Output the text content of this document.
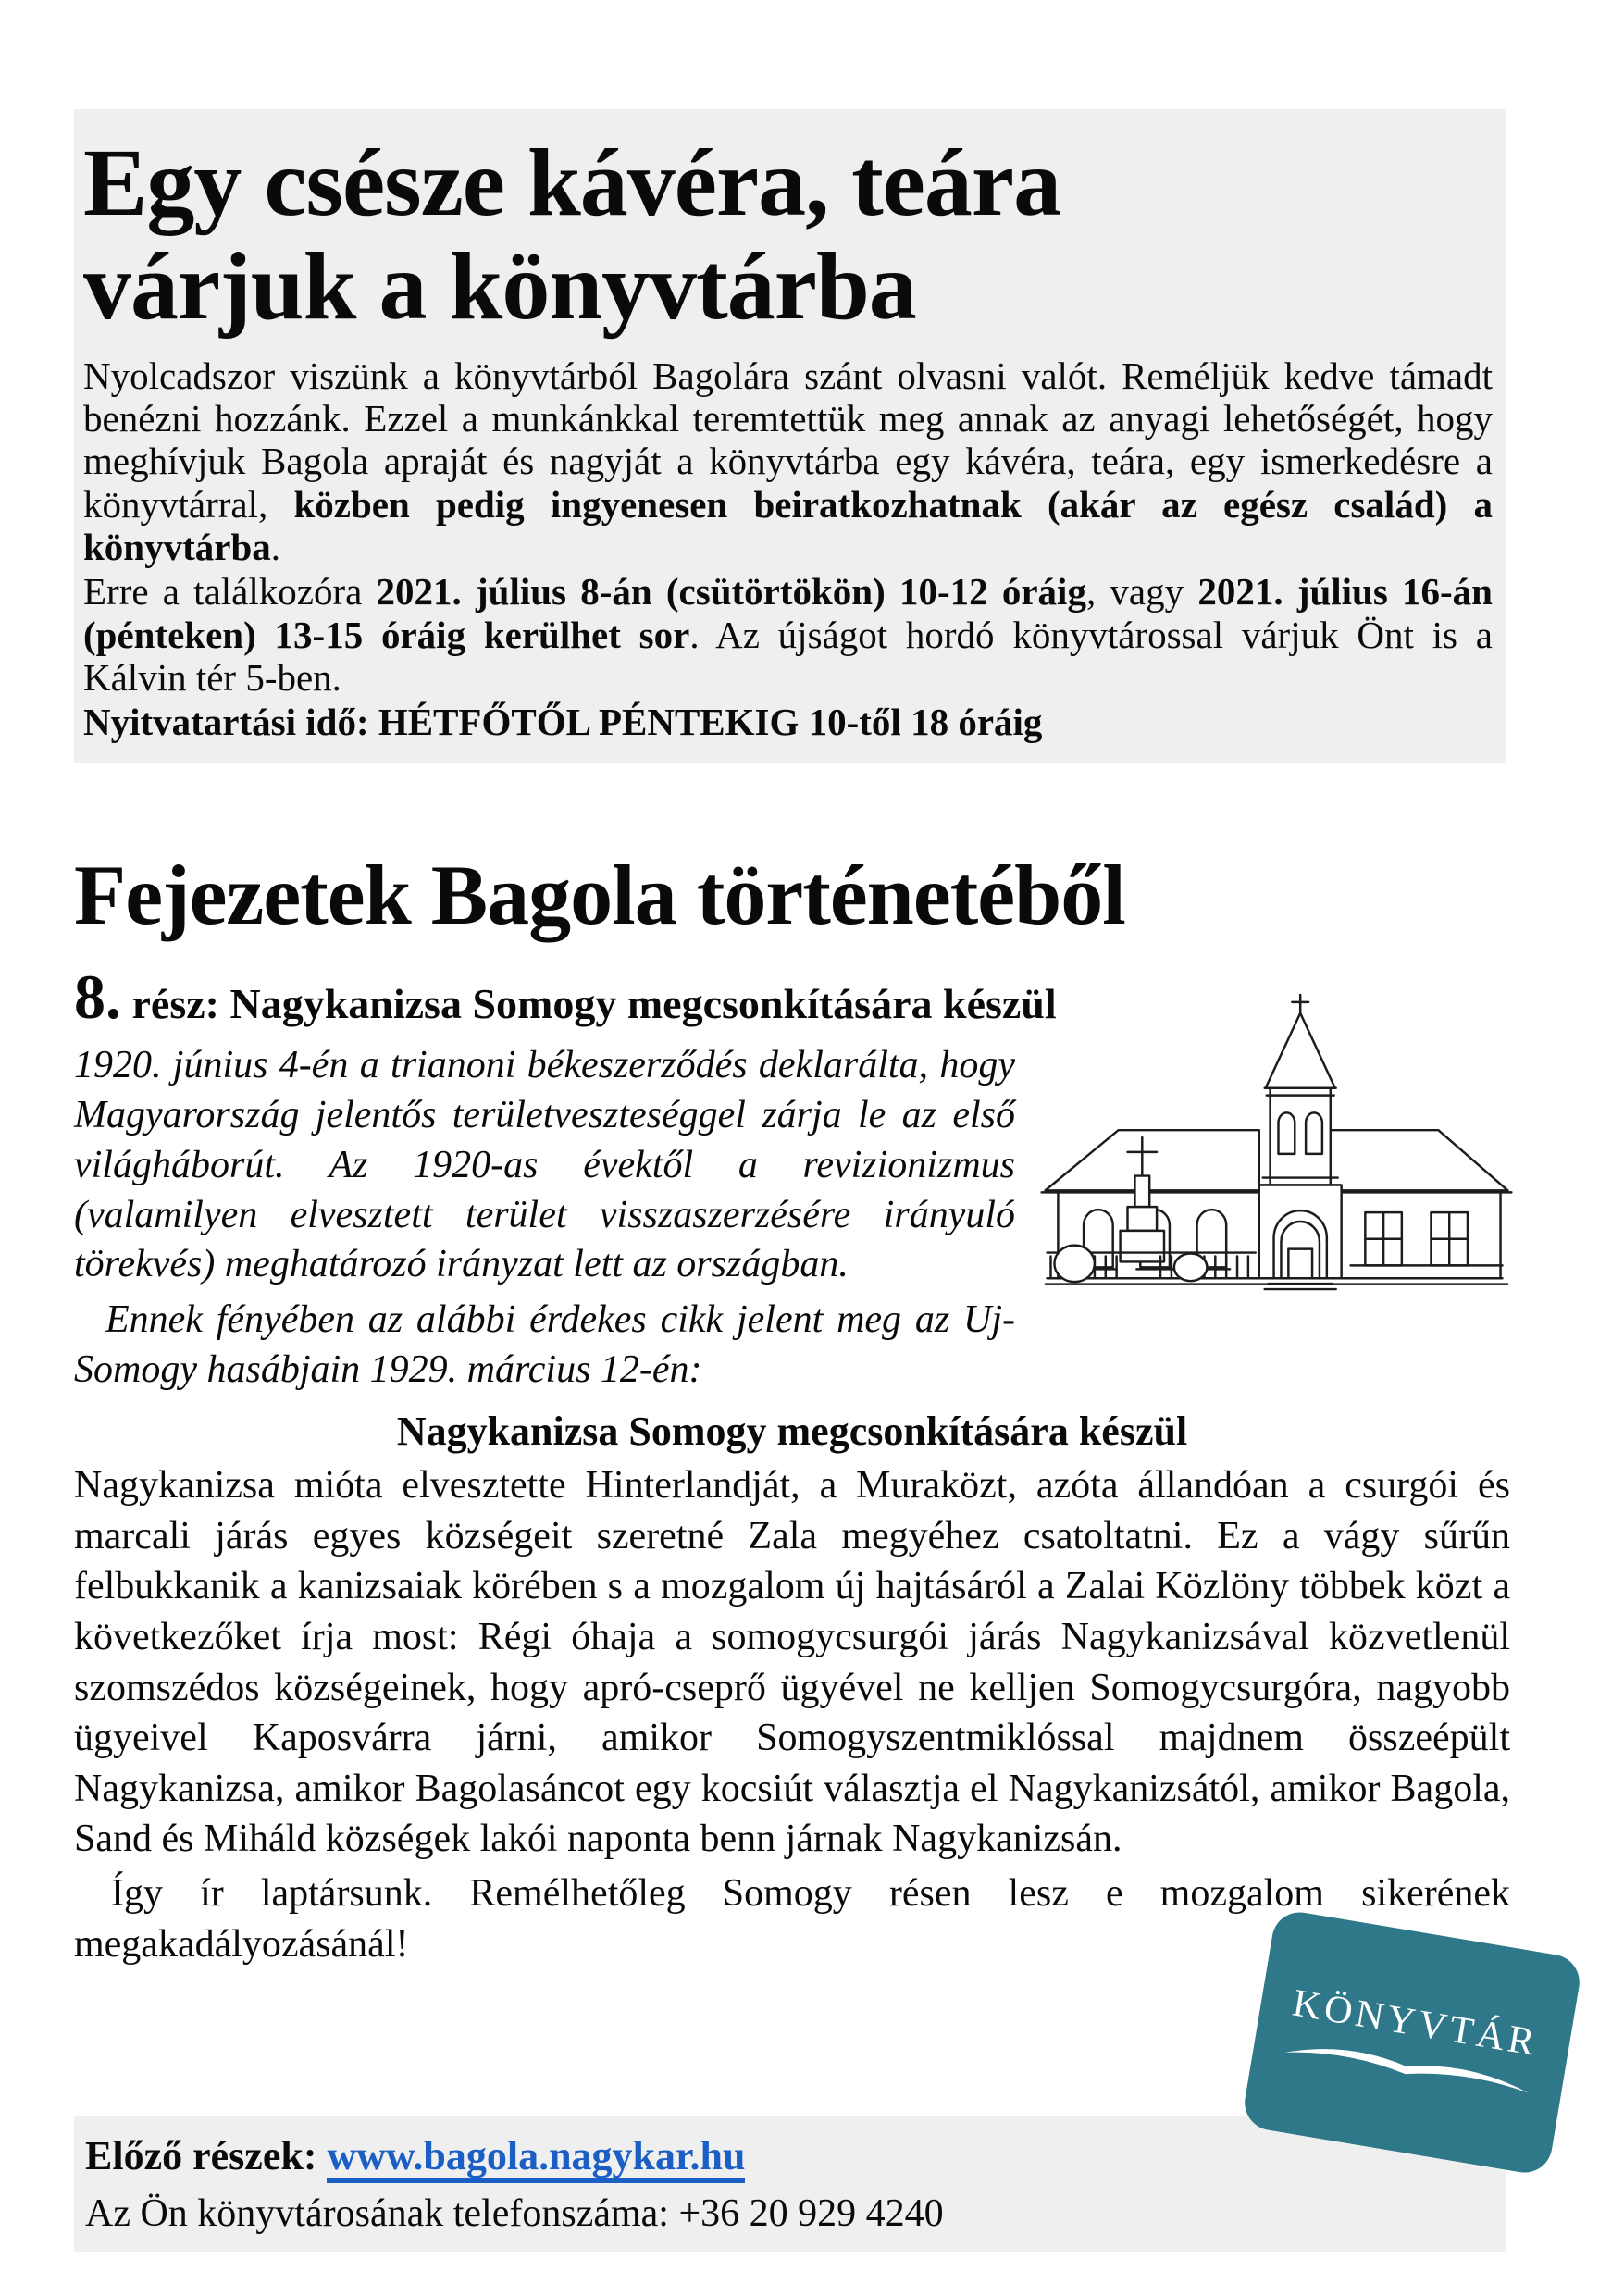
Egy csésze kávéra, teára
várjuk a könyvtárba

Nyolcadszor viszünk a könyvtárból Bagolára szánt olvasni valót. Reméljük kedve támadt benézni hozzánk. Ezzel a munkánkkal teremtettük meg annak az anyagi lehetőségét, hogy meghívjuk Bagola apraját és nagyját a könyvtárba egy kávéra, teára, egy ismerkedésre a könyvtárral, közben pedig ingyenesen beiratkozhatnak (akár az egész család) a könyvtárba.

Erre a találkozóra 2021. július 8-án (csütörtökön) 10-12 óráig, vagy 2021. július 16-án (pénteken) 13-15 óráig kerülhet sor. Az újságot hordó könyvtárossal várjuk Önt is a Kálvin tér 5-ben.

Nyitvatartási idő: HÉTFŐTŐL PÉNTEKIG 10-től 18 óráig

Fejezetek Bagola történetéből
8. rész: Nagykanizsa Somogy megcsonkítására készül

1920. június 4-én a trianoni békeszerződés deklarálta, hogy Magyarország jelentős területveszteséggel zárja le az első világháborút. Az 1920-as évektől a revizionizmus (valamilyen elvesztett terület visszaszerzésére irányuló törekvés) meghatározó irányzat lett az országban.

Ennek fényében az alábbi érdekes cikk jelent meg az Uj-Somogy hasábjain 1929. március 12-én:

Nagykanizsa Somogy megcsonkítására készül

Nagykanizsa mióta elvesztette Hinterlandját, a Muraközt, azóta állandóan a csurgói és marcali járás egyes községeit szeretné Zala megyéhez csatoltatni. Ez a vágy sűrűn felbukkanik a kanizsaiak körében s a mozgalom új hajtásáról a Zalai Közlöny többek közt a következőket írja most: Régi óhaja a somogycsurgói járás Nagykanizsával közvetlenül szomszédos községeinek, hogy apró-cseprő ügyével ne kelljen Somogycsurgóra, nagyobb ügyeivel Kaposvárra járni, amikor Somogyszentmiklóssal majdnem összeépült Nagykanizsa, amikor Bagolasáncot egy kocsiút választja el Nagykanizsától, amikor Bagola, Sand és Miháld községek lakói naponta benn járnak Nagykanizsán.

Így ír laptársunk. Remélhetőleg Somogy résen lesz e mozgalom sikerének megakadályozásánál!

Előző részek: www.bagola.nagykar.hu

Az Ön könyvtárosának telefonszáma: +36 20 929 4240

KÖNYVTÁR
